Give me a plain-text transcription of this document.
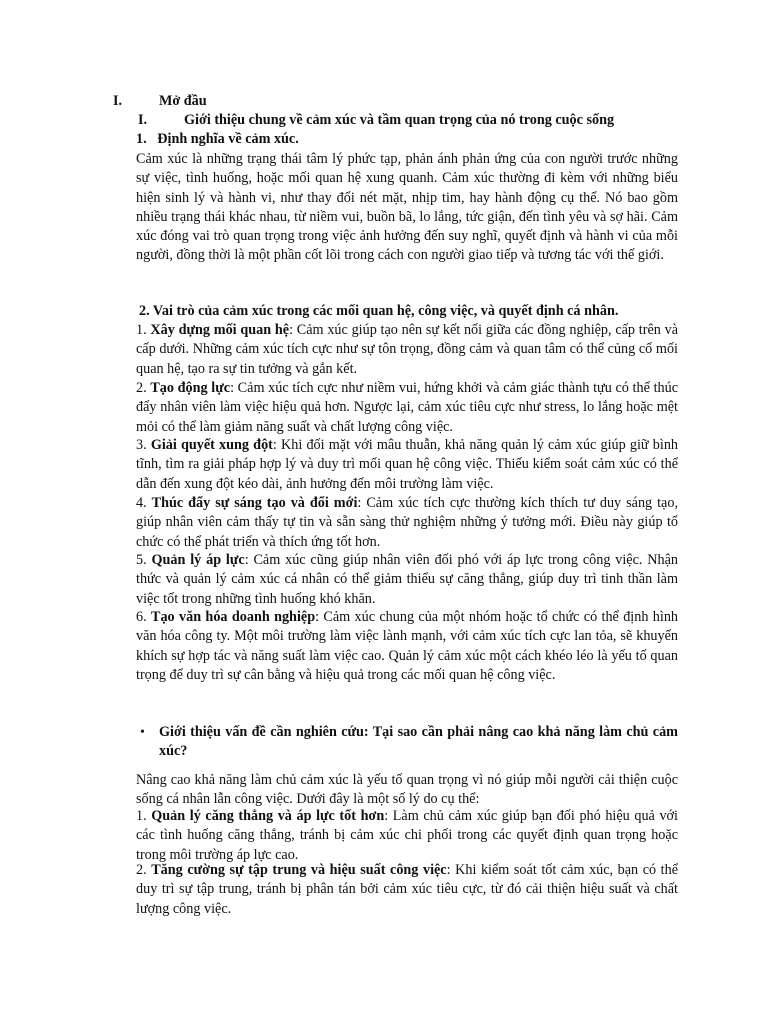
I.	Mở đầu
I.	Giới thiệu chung về cảm xúc và tầm quan trọng của nó trong cuộc sống
1.   Định nghĩa về cảm xúc.
Cảm xúc là những trạng thái tâm lý phức tạp, phản ánh phản ứng của con người trước những sự việc, tình huống, hoặc mối quan hệ xung quanh. Cảm xúc thường đi kèm với những biểu hiện sinh lý và hành vi, như thay đổi nét mặt, nhịp tim, hay hành động cụ thể. Nó bao gồm nhiều trạng thái khác nhau, từ niềm vui, buồn bã, lo lắng, tức giận, đến tình yêu và sợ hãi. Cảm xúc đóng vai trò quan trọng trong việc ảnh hưởng đến suy nghĩ, quyết định và hành vi của mỗi người, đồng thời là một phần cốt lõi trong cách con người giao tiếp và tương tác với thế giới.
2. Vai trò của cảm xúc trong các mối quan hệ, công việc, và quyết định cá nhân.
1. Xây dựng mối quan hệ: Cảm xúc giúp tạo nên sự kết nối giữa các đồng nghiệp, cấp trên và cấp dưới. Những cảm xúc tích cực như sự tôn trọng, đồng cảm và quan tâm có thể củng cố mối quan hệ, tạo ra sự tin tưởng và gắn kết.
2. Tạo động lực: Cảm xúc tích cực như niềm vui, hứng khởi và cảm giác thành tựu có thể thúc đẩy nhân viên làm việc hiệu quả hơn. Ngược lại, cảm xúc tiêu cực như stress, lo lắng hoặc mệt mỏi có thể làm giảm năng suất và chất lượng công việc.
3. Giải quyết xung đột: Khi đối mặt với mâu thuẫn, khả năng quản lý cảm xúc giúp giữ bình tĩnh, tìm ra giải pháp hợp lý và duy trì mối quan hệ công việc. Thiếu kiểm soát cảm xúc có thể dẫn đến xung đột kéo dài, ảnh hưởng đến môi trường làm việc.
4. Thúc đẩy sự sáng tạo và đổi mới: Cảm xúc tích cực thường kích thích tư duy sáng tạo, giúp nhân viên cảm thấy tự tin và sẵn sàng thử nghiệm những ý tưởng mới. Điều này giúp tổ chức có thể phát triển và thích ứng tốt hơn.
5. Quản lý áp lực: Cảm xúc cũng giúp nhân viên đối phó với áp lực trong công việc. Nhận thức và quản lý cảm xúc cá nhân có thể giảm thiểu sự căng thẳng, giúp duy trì tinh thần làm việc tốt trong những tình huống khó khăn.
6. Tạo văn hóa doanh nghiệp: Cảm xúc chung của một nhóm hoặc tổ chức có thể định hình văn hóa công ty. Một môi trường làm việc lành mạnh, với cảm xúc tích cực lan tỏa, sẽ khuyến khích sự hợp tác và năng suất làm việc cao. Quản lý cảm xúc một cách khéo léo là yếu tố quan trọng để duy trì sự cân bằng và hiệu quả trong các mối quan hệ công việc.
• Giới thiệu vấn đề cần nghiên cứu: Tại sao cần phải nâng cao khả năng làm chủ cảm xúc?
Nâng cao khả năng làm chủ cảm xúc là yếu tố quan trọng vì nó giúp mỗi người cải thiện cuộc sống cá nhân lẫn công việc. Dưới đây là một số lý do cụ thể:
1. Quản lý căng thẳng và áp lực tốt hơn: Làm chủ cảm xúc giúp bạn đối phó hiệu quả với các tình huống căng thẳng, tránh bị cảm xúc chi phối trong các quyết định quan trọng hoặc trong môi trường áp lực cao.
2. Tăng cường sự tập trung và hiệu suất công việc: Khi kiểm soát tốt cảm xúc, bạn có thể duy trì sự tập trung, tránh bị phân tán bởi cảm xúc tiêu cực, từ đó cải thiện hiệu suất và chất lượng công việc.
